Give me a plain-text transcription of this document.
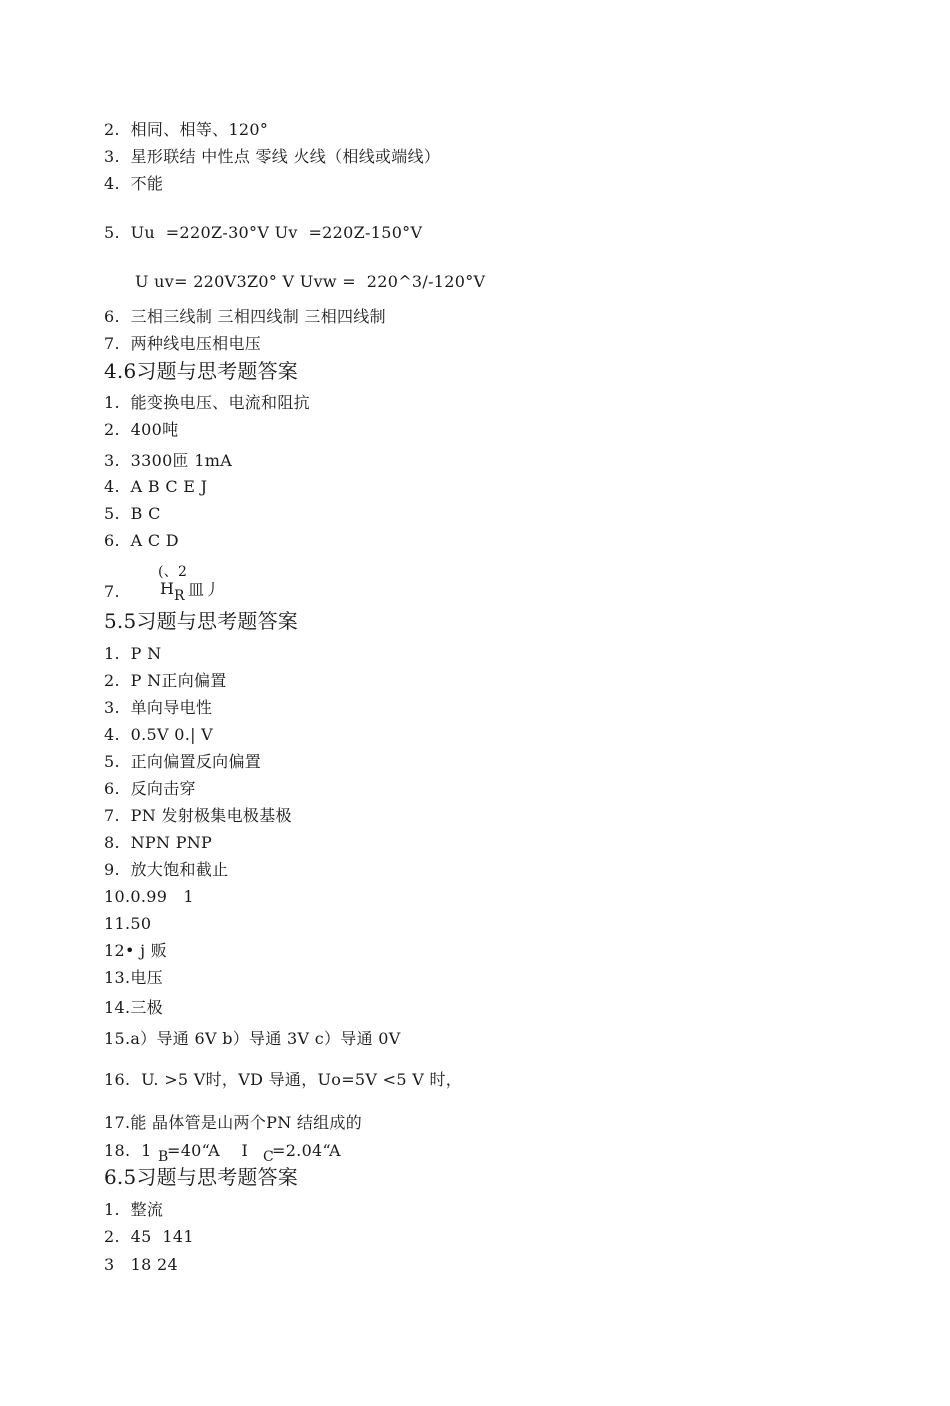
2.  相同、相等、120°
3.  星形联结 中性点 零线 火线（相线或端线）
4.  不能
5.  Uu  =220Z-30°V Uv  =220Z-150°V
U uv= 220V3Z0° V Uvw =  220^3/-120°V
6.  三相三线制 三相四线制 三相四线制
7.  两种线电压相电压
4.6习题与思考题答案
1.  能变换电压、电流和阻抗
2.  400吨
3.  3300匝 1mA
4.  A B C E J
5.  B C
6.  A C D
(、2
7.	H R 皿丿
5.5习题与思考题答案
1.  P N
2.  P N正向偏置
3.  单向导电性
4.  0.5V 0.| V
5.  正向偏置反向偏置
6.  反向击穿
7.  PN 发射极集电极基极
8.  NPN PNP
9.  放大饱和截止
10.0.99   1
11.50
12• j 贩
13.电压
14.三极
15.a）导通 6V b）导通 3V c）导通 0V
16.  U. >5 V时，VD 导通，Uo=5V <5 V 时，
17.能 晶体管是山两个PN 结组成的
18.  1 B
=40“A    I C
=2.04“A
6.5习题与思考题答案
1.  整流
2.  45  141
3   18 24
